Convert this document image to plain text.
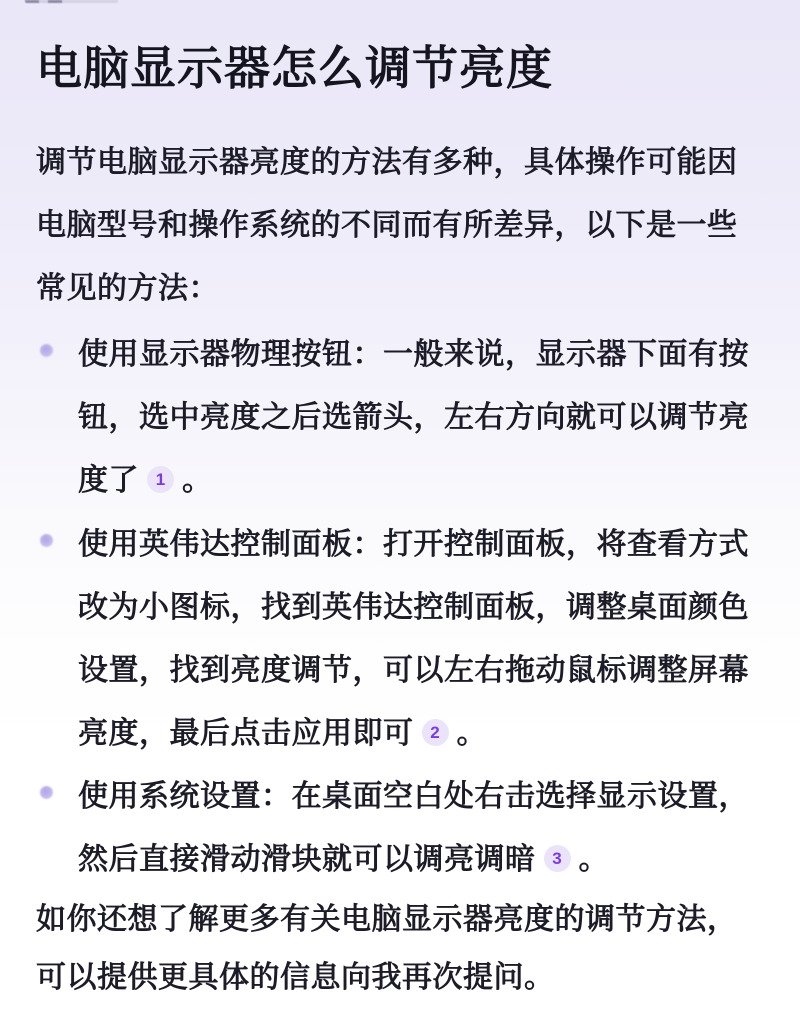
电脑显示器怎么调节亮度
调节电脑显示器亮度的方法有多种，具体操作可能因
电脑型号和操作系统的不同而有所差异，以下是一些
常见的方法：
使用显示器物理按钮：一般来说，显示器下面有按
钮，选中亮度之后选箭头，左右方向就可以调节亮
度了 1 。
使用英伟达控制面板：打开控制面板，将查看方式
改为小图标，找到英伟达控制面板，调整桌面颜色
设置，找到亮度调节，可以左右拖动鼠标调整屏幕
亮度，最后点击应用即可 2 。
使用系统设置：在桌面空白处右击选择显示设置，
然后直接滑动滑块就可以调亮调暗 3 。
如你还想了解更多有关电脑显示器亮度的调节方法，
可以提供更具体的信息向我再次提问。
